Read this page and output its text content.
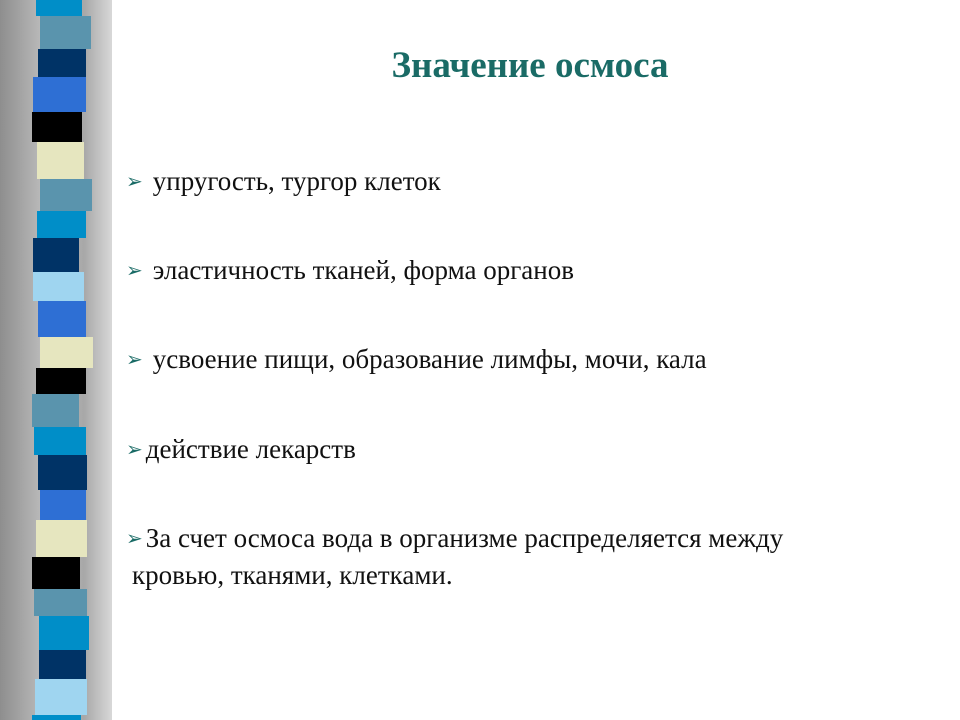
Значение осмоса
➢ упругость, тургор клеток
➢ эластичность тканей, форма органов
➢ усвоение пищи, образование лимфы, мочи, кала
➢ действие лекарств
➢ За счет осмоса вода в организме распределяется между
кровью, тканями, клетками.
